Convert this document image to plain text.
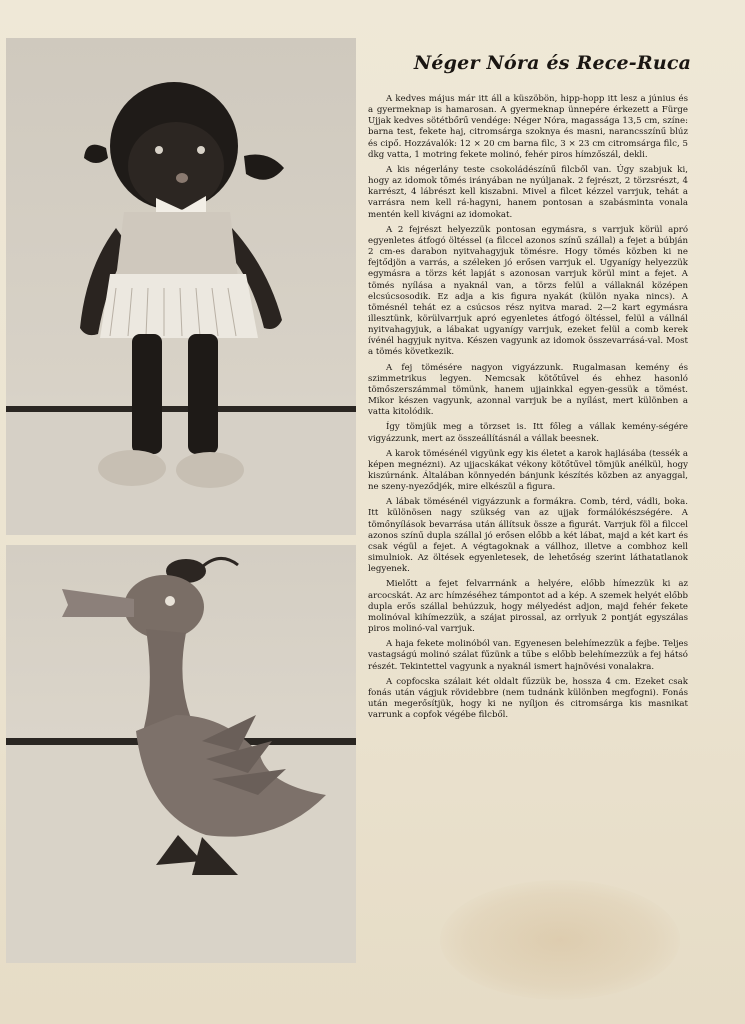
Néger Nóra és Rece-Ruca

A kedves május már itt áll a küszöbön, hipp-hopp itt lesz a június és a gyermeknap is hamarosan. A gyermeknap ünnepére érkezett a Fürge Ujjak kedves sötétbőrű vendége: Néger Nóra, magassága 13,5 cm, színe: barna test, fekete haj, citromsárga szoknya és masni, narancsszínű blúz és cipő. Hozzávalók: 12 × 20 cm barna filc, 3 × 23 cm citromsárga filc, 5 dkg vatta, 1 motring fekete molinó, fehér piros hímzőszál, dekli.

A kis négerlány teste csokoládészínű filcből van. Úgy szabjuk ki, hogy az idomok tömés irányában ne nyúljanak. 2 fejrészt, 2 törzsrészt, 4 karrészt, 4 lábrészt kell kiszabni. Mivel a filcet kézzel varrjuk, tehát a varrásra nem kell rá-hagyni, hanem pontosan a szabásminta vonala mentén kell kivágni az idomokat.

A 2 fejrészt helyezzük pontosan egymásra, s varrjuk körül apró egyenletes átfogó öltéssel (a filccel azonos színű szállal) a fejet a búbján 2 cm-es darabon nyitvahagyjuk tömésre. Hogy tömés közben ki ne fejtődjön a varrás, a széleken jó erősen varrjuk el. Ugyanígy helyezzük egymásra a törzs két lapját s azonosan varrjuk körül mint a fejet. A tömés nyílása a nyaknál van, a törzs felül a vállaknál középen elcsúcsosodik. Ez adja a kis figura nyakát (külön nyaka nincs). A tömésnél tehát ez a csúcsos rész nyitva marad. 2—2 kart egymásra illesztünk, körülvarrjuk apró egyenletes átfogó öltéssel, felül a vállnál nyitvahagyjuk, a lábakat ugyanígy varrjuk, ezeket felül a comb kerek ívénél hagyjuk nyitva. Készen vagyunk az idomok összevarrásá-val. Most a tömés következik.

A fej tömésére nagyon vigyázzunk. Rugalmasan kemény és szimmetrikus legyen. Nemcsak kötőtűvel és ehhez hasonló tömőszerszámmal tömünk, hanem ujjainkkal egyen-gessük a tömést. Mikor készen vagyunk, azonnal varrjuk be a nyílást, mert különben a vatta kitolódik.

Így tömjük meg a törzset is. Itt főleg a vállak kemény-ségére vigyázzunk, mert az összeállításnál a vállak beesnek.

A karok tömésénél vigyünk egy kis életet a karok hajlásába (tessék a képen megnézni). Az ujjacskákat vékony kötőtűvel tömjük anélkül, hogy kiszúrnánk. Általában könnyedén bánjunk készítés közben az anyaggal, ne szeny-nyeződjék, mire elkészül a figura.

A lábak tömésénél vigyázzunk a formákra. Comb, térd, vádli, boka. Itt különösen nagy szükség van az ujjak formálókészségére. A tömőnyílások bevarrása után állítsuk össze a figurát. Varrjuk föl a filccel azonos színű dupla szállal jó erősen előbb a két lábat, majd a két kart és csak végül a fejet. A végtagoknak a vállhoz, illetve a combhoz kell simulniok. Az öltések egyenletesek, de lehetőség szerint láthatatlanok legyenek.

Mielőtt a fejet felvarrnánk a helyére, előbb hímezzük ki az arcocskát. Az arc hímzéséhez támpontot ad a kép. A szemek helyét előbb dupla erős szállal behúzzuk, hogy mélyedést adjon, majd fehér fekete molinóval kihímezzük, a szájat pirossal, az orrlyuk 2 pontját egyszálas piros molinó-val varrjuk.

A haja fekete molinóból van. Egyenesen belehímezzük a fejbe. Teljes vastagságú molinó szálat fűzünk a tűbe s előbb belehímezzük a fej hátsó részét. Tekintettel vagyunk a nyaknál ismert hajnövési vonalakra.

A copfocska szálait két oldalt fűzzük be, hossza 4 cm. Ezeket csak fonás után vágjuk rövidebbre (nem tudnánk különben megfogni). Fonás után megerősítjük, hogy ki ne nyíljon és citromsárga kis masnikat varrunk a copfok végébe filcből.
